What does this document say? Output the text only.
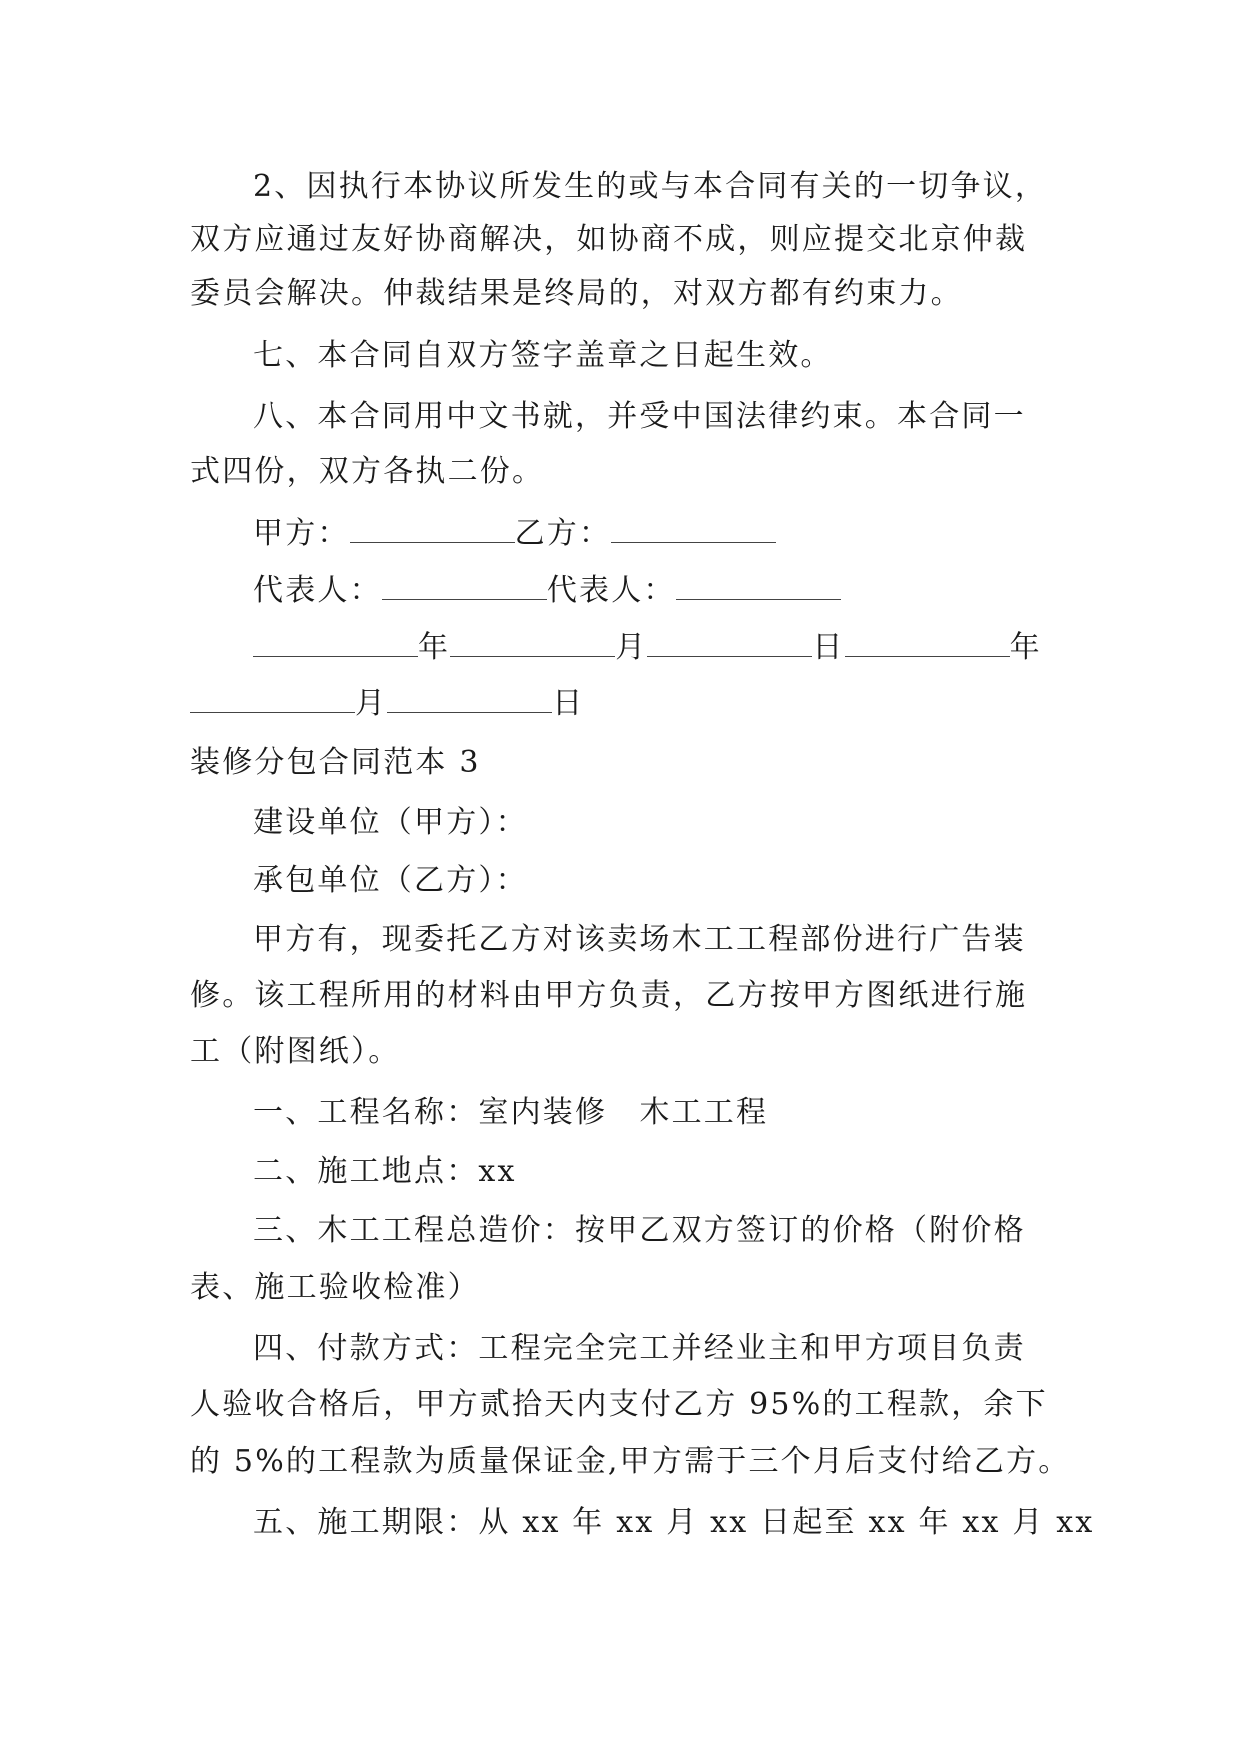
2、因执行本协议所发生的或与本合同有关的一切争议，
双方应通过友好协商解决，如协商不成，则应提交北京仲裁
委员会解决。仲裁结果是终局的，对双方都有约束力。
七、本合同自双方签字盖章之日起生效。
八、本合同用中文书就，并受中国法律约束。本合同一
式四份，双方各执二份。
甲方：	乙方：
代表人：	代表人：
年	月	日	年
月	日
装修分包合同范本 3
建设单位（甲方）：
承包单位（乙方）：
甲方有，现委托乙方对该卖场木工工程部份进行广告装
修。该工程所用的材料由甲方负责，乙方按甲方图纸进行施
工（附图纸）。
一、工程名称：室内装修　木工工程
二、施工地点：xx
三、木工工程总造价：按甲乙双方签订的价格（附价格
表、施工验收检准）
四、付款方式：工程完全完工并经业主和甲方项目负责
人验收合格后，甲方贰拾天内支付乙方 95%的工程款，余下
的 5%的工程款为质量保证金,甲方需于三个月后支付给乙方。
五、施工期限：从 xx 年 xx 月 xx 日起至 xx 年 xx 月 xx
